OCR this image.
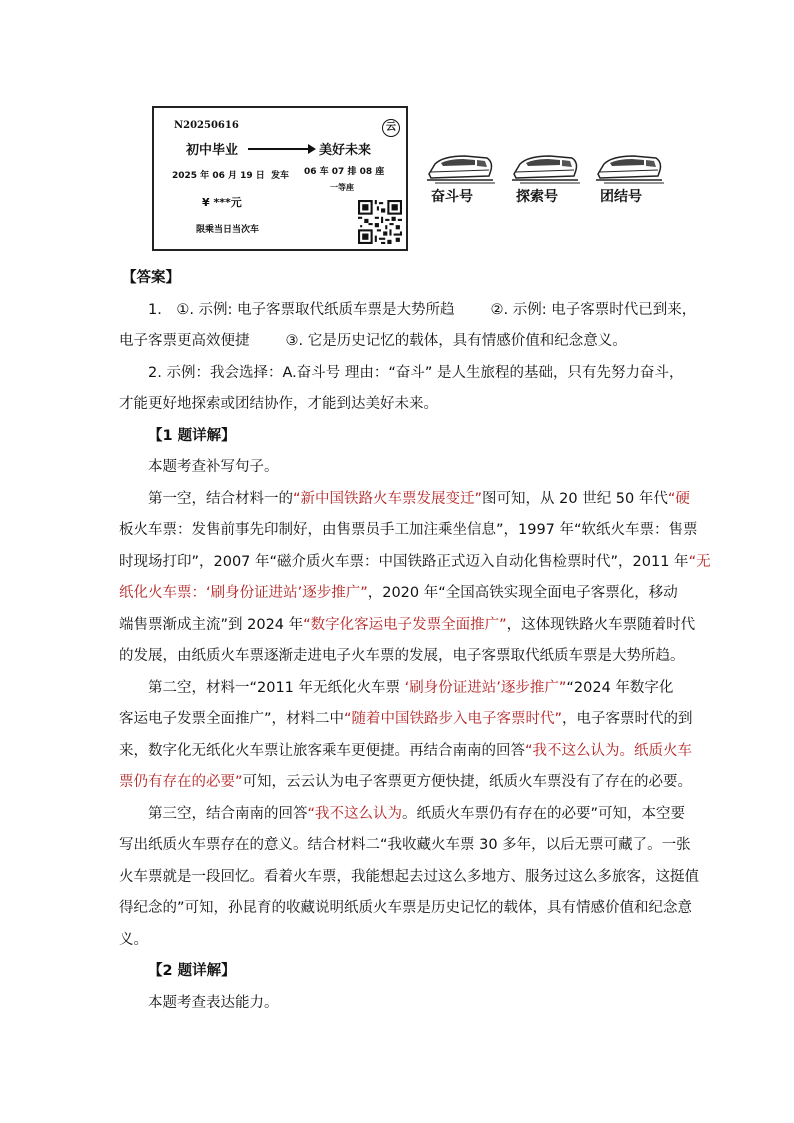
N20250616	云
初中毕业	美好未来
2025 年 06 月 19 日 发车 06 车 07 排 08 座
一等座
¥ ***元
限乘当日当次车
奋斗号	探索号	团结号
【答案】
1.　①. 示例: 电子客票取代纸质车票是大势所趋 ②. 示例: 电子客票时代已到来，
电子客票更高效便捷 ③. 它是历史记忆的载体，具有情感价值和纪念意义。
2. 示例：我会选择：A.奋斗号 理由：“奋斗” 是人生旅程的基础，只有先努力奋斗，
才能更好地探索或团结协作，才能到达美好未来。
【1 题详解】
本题考查补写句子。
第一空，结合材料一的“新中国铁路火车票发展变迁”图可知，从 20 世纪 50 年代“硬
板火车票：发售前事先印制好，由售票员手工加注乘坐信息”，1997 年“软纸火车票：售票
时现场打印”，2007 年“磁介质火车票：中国铁路正式迈入自动化售检票时代”，2011 年“无
纸化火车票：‘刷身份证进站’逐步推广”，2020 年“全国高铁实现全面电子客票化，移动
端售票渐成主流”到 2024 年“数字化客运电子发票全面推广”，这体现铁路火车票随着时代
的发展，由纸质火车票逐渐走进电子火车票的发展，电子客票取代纸质车票是大势所趋。
第二空，材料一“2011 年无纸化火车票 ‘刷身份证进站’逐步推广”“2024 年数字化
客运电子发票全面推广”，材料二中“随着中国铁路步入电子客票时代”，电子客票时代的到
来，数字化无纸化火车票让旅客乘车更便捷。再结合南南的回答“我不这么认为。纸质火车
票仍有存在的必要”可知，云云认为电子客票更方便快捷，纸质火车票没有了存在的必要。
第三空，结合南南的回答“我不这么认为。纸质火车票仍有存在的必要”可知，本空要
写出纸质火车票存在的意义。结合材料二“我收藏火车票 30 多年，以后无票可藏了。一张
火车票就是一段回忆。看着火车票，我能想起去过这么多地方、服务过这么多旅客，这挺值
得纪念的”可知，孙昆育的收藏说明纸质火车票是历史记忆的载体，具有情感价值和纪念意
义。
【2 题详解】
本题考查表达能力。
